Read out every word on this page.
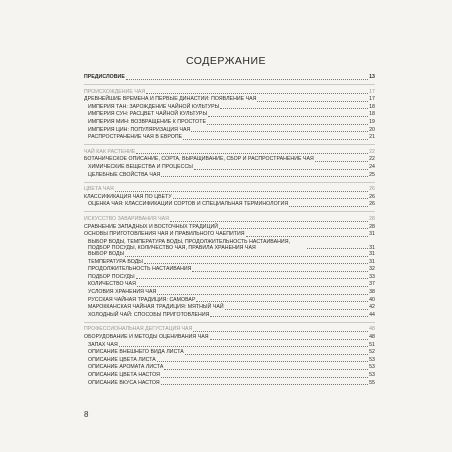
СОДЕРЖАНИЕ
ПРЕДИСЛОВИЕ	13
ПРОИСХОЖДЕНИЕ ЧАЯ	17
ДРЕВНЕЙШИЕ ВРЕМЕНА И ПЕРВЫЕ ДИНАСТИИ: ПОЯВЛЕНИЕ ЧАЯ	17
ИМПЕРИЯ ТАН: ЗАРОЖДЕНИЕ ЧАЙНОЙ КУЛЬТУРЫ	18
ИМПЕРИЯ СУН: РАСЦВЕТ ЧАЙНОЙ КУЛЬТУРЫ	18
ИМПЕРИЯ МИН: ВОЗВРАЩЕНИЕ К ПРОСТОТЕ	19
ИМПЕРИЯ ЦИН: ПОПУЛЯРИЗАЦИЯ ЧАЯ	20
РАСПРОСТРАНЕНИЕ ЧАЯ В ЕВРОПЕ	21
ЧАЙ КАК РАСТЕНИЕ	22
БОТАНИЧЕСКОЕ ОПИСАНИЕ, СОРТА, ВЫРАЩИВАНИЕ, СБОР И РАСПРОСТРАНЕНИЕ ЧАЯ	22
ХИМИЧЕСКИЕ ВЕЩЕСТВА И ПРОЦЕССЫ	24
ЦЕЛЕБНЫЕ СВОЙСТВА ЧАЯ	25
ЦВЕТА ЧАЯ	26
КЛАССИФИКАЦИЯ ЧАЯ ПО ЦВЕТУ	26
ОЦЕНКА ЧАЯ: КЛАССИФИКАЦИИ СОРТОВ И СПЕЦИАЛЬНАЯ ТЕРМИНОЛОГИЯ	26
ИСКУССТВО ЗАВАРИВАНИЯ ЧАЯ	28
СРАВНЕНИЕ ЗАПАДНЫХ И ВОСТОЧНЫХ ТРАДИЦИЙ	28
ОСНОВЫ ПРИГОТОВЛЕНИЯ ЧАЯ И ПРАВИЛЬНОГО ЧАЕПИТИЯ	31
ВЫБОР ВОДЫ, ТЕМПЕРАТУРА ВОДЫ, ПРОДОЛЖИТЕЛЬНОСТЬ НАСТАИВАНИЯ, ПОДБОР ПОСУДЫ, КОЛИЧЕСТВО ЧАЯ, ПРАВИЛА ХРАНЕНИЯ ЧАЯ	31
ВЫБОР ВОДЫ	31
ТЕМПЕРАТУРА ВОДЫ	31
ПРОДОЛЖИТЕЛЬНОСТЬ НАСТАИВАНИЯ	32
ПОДБОР ПОСУДЫ	33
КОЛИЧЕСТВО ЧАЯ	37
УСЛОВИЯ ХРАНЕНИЯ ЧАЯ	38
РУССКАЯ ЧАЙНАЯ ТРАДИЦИЯ: САМОВАР	40
МАРОККАНСКАЯ ЧАЙНАЯ ТРАДИЦИЯ: МЯТНЫЙ ЧАЙ	42
ХОЛОДНЫЙ ЧАЙ: СПОСОБЫ ПРИГОТОВЛЕНИЯ	44
ПРОФЕССИОНАЛЬНАЯ ДЕГУСТАЦИЯ ЧАЯ	48
ОБОРУДОВАНИЕ И МЕТОДЫ ОЦЕНИВАНИЯ ЧАЯ	48
ЗАПАХ ЧАЯ	51
ОПИСАНИЕ ВНЕШНЕГО ВИДА ЛИСТА	52
ОПИСАНИЕ ЦВЕТА ЛИСТА	53
ОПИСАНИЕ АРОМАТА ЛИСТА	53
ОПИСАНИЕ ЦВЕТА НАСТОЯ	53
ОПИСАНИЕ ВКУСА НАСТОЯ	55
8
